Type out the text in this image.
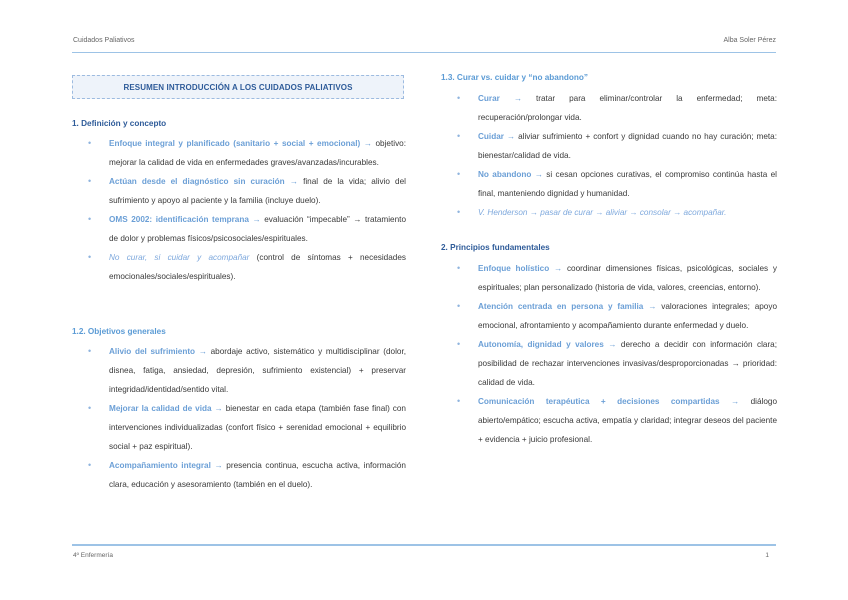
Cuidados Paliativos	Alba Soler Pérez
RESUMEN INTRODUCCIÓN A LOS CUIDADOS PALIATIVOS
1. Definición y concepto
• Enfoque integral y planificado (sanitario + social + emocional) → objetivo: mejorar la calidad de vida en enfermedades graves/avanzadas/incurables.
• Actúan desde el diagnóstico sin curación → final de la vida; alivio del sufrimiento y apoyo al paciente y la familia (incluye duelo).
• OMS 2002: identificación temprana → evaluación “impecable” → tratamiento de dolor y problemas físicos/psicosociales/espirituales.
• No curar, si cuidar y acompañar (control de síntomas + necesidades emocionales/sociales/espirituales).
1.2. Objetivos generales
• Alivio del sufrimiento → abordaje activo, sistemático y multidisciplinar (dolor, disnea, fatiga, ansiedad, depresión, sufrimiento existencial) + preservar integridad/identidad/sentido vital.
• Mejorar la calidad de vida → bienestar en cada etapa (también fase final) con intervenciones individualizadas (confort físico + serenidad emocional + equilibrio social + paz espiritual).
• Acompañamiento integral → presencia continua, escucha activa, información clara, educación y asesoramiento (también en el duelo).
1.3. Curar vs. cuidar y “no abandono”
• Curar → tratar para eliminar/controlar la enfermedad; meta: recuperación/prolongar vida.
• Cuidar → aliviar sufrimiento + confort y dignidad cuando no hay curación; meta: bienestar/calidad de vida.
• No abandono → si cesan opciones curativas, el compromiso continúa hasta el final, manteniendo dignidad y humanidad.
• V. Henderson → pasar de curar → aliviar → consolar → acompañar.
2. Principios fundamentales
• Enfoque holístico → coordinar dimensiones físicas, psicológicas, sociales y espirituales; plan personalizado (historia de vida, valores, creencias, entorno).
• Atención centrada en persona y familia → valoraciones integrales; apoyo emocional, afrontamiento y acompañamiento durante enfermedad y duelo.
• Autonomía, dignidad y valores → derecho a decidir con información clara; posibilidad de rechazar intervenciones invasivas/desproporcionadas → prioridad: calidad de vida.
• Comunicación terapéutica + decisiones compartidas → diálogo abierto/empático; escucha activa, empatía y claridad; integrar deseos del paciente + evidencia + juicio profesional.
4º Enfermería	1
